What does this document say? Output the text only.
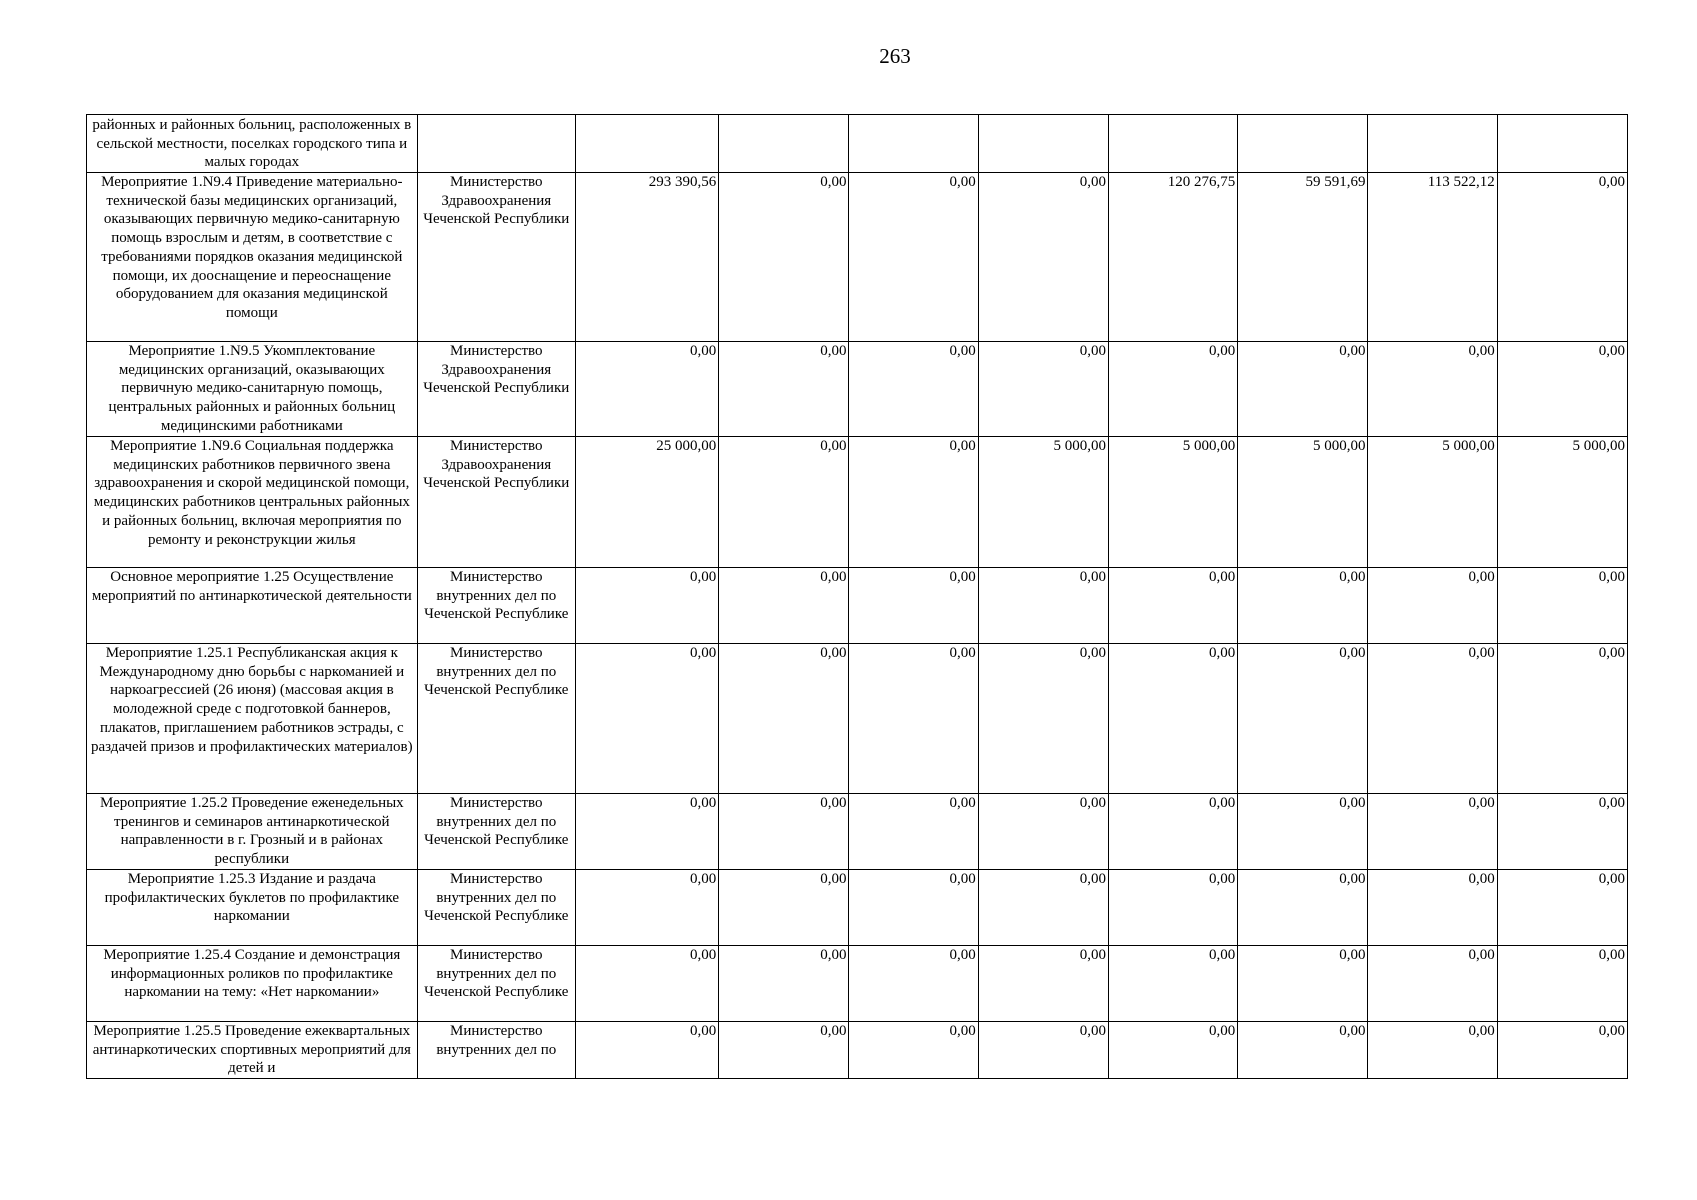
263
районных и районных больниц, расположенных в сельской местности, поселках городского типа и малых городах									
Мероприятие 1.N9.4 Приведение материально-технической базы медицинских организаций, оказывающих первичную медико-санитарную помощь взрослым и детям, в соответствие с требованиями порядков оказания медицинской помощи, их дооснащение и переоснащение оборудованием для оказания медицинской помощи	Министерство Здравоохранения Чеченской Республики	293 390,56	0,00	0,00	0,00	120 276,75	59 591,69	113 522,12	0,00
Мероприятие 1.N9.5 Укомплектование медицинских организаций, оказывающих первичную медико-санитарную помощь, центральных районных и районных больниц медицинскими работниками	Министерство Здравоохранения Чеченской Республики	0,00	0,00	0,00	0,00	0,00	0,00	0,00	0,00
Мероприятие 1.N9.6 Социальная поддержка медицинских работников первичного звена здравоохранения и скорой медицинской помощи, медицинских работников центральных районных и районных больниц, включая мероприятия по ремонту и реконструкции жилья	Министерство Здравоохранения Чеченской Республики	25 000,00	0,00	0,00	5 000,00	5 000,00	5 000,00	5 000,00	5 000,00
Основное мероприятие 1.25 Осуществление мероприятий по антинаркотической деятельности	Министерство внутренних дел по Чеченской Республике	0,00	0,00	0,00	0,00	0,00	0,00	0,00	0,00
Мероприятие 1.25.1 Республиканская акция к Международному дню борьбы с наркоманией и наркоагрессией (26 июня) (массовая акция в молодежной среде с подготовкой баннеров, плакатов, приглашением работников эстрады, с раздачей призов и профилактических материалов)	Министерство внутренних дел по Чеченской Республике	0,00	0,00	0,00	0,00	0,00	0,00	0,00	0,00
Мероприятие 1.25.2 Проведение еженедельных тренингов и семинаров антинаркотической направленности в г. Грозный и в районах республики	Министерство внутренних дел по Чеченской Республике	0,00	0,00	0,00	0,00	0,00	0,00	0,00	0,00
Мероприятие 1.25.3 Издание и раздача профилактических буклетов по профилактике наркомании	Министерство внутренних дел по Чеченской Республике	0,00	0,00	0,00	0,00	0,00	0,00	0,00	0,00
Мероприятие 1.25.4 Создание и демонстрация информационных роликов по профилактике наркомании на тему: «Нет наркомании»	Министерство внутренних дел по Чеченской Республике	0,00	0,00	0,00	0,00	0,00	0,00	0,00	0,00
Мероприятие 1.25.5 Проведение ежеквартальных антинаркотических спортивных мероприятий для детей и	Министерство внутренних дел по	0,00	0,00	0,00	0,00	0,00	0,00	0,00	0,00
